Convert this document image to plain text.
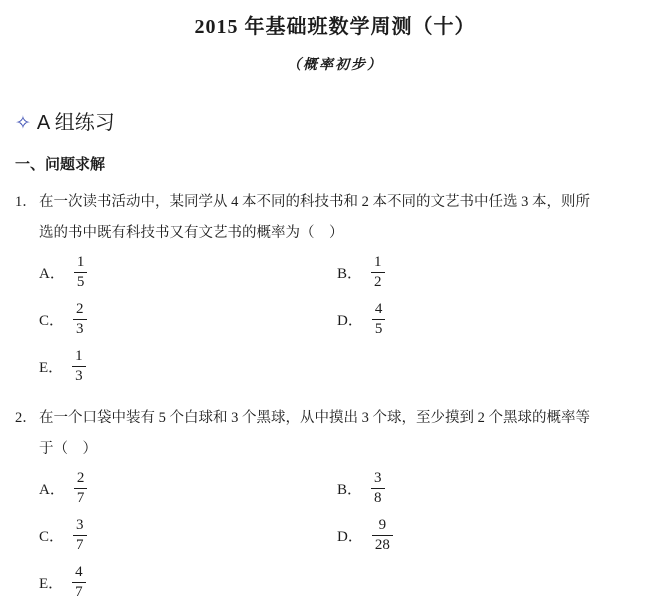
2015 年基础班数学周测（十）
（概率初步）
✧ A 组练习
一、问题求解
1． 在一次读书活动中，某同学从 4 本不同的科技书和 2 本不同的文艺书中任选 3 本，则所
选的书中既有科技书又有文艺书的概率为（　）
A． $\frac{1}{5}$	B． $\frac{1}{2}$
C． $\frac{2}{3}$	D． $\frac{4}{5}$
E． $\frac{1}{3}$
2． 在一个口袋中装有 5 个白球和 3 个黑球，从中摸出 3 个球，至少摸到 2 个黑球的概率等
于（　）
A． $\frac{2}{7}$	B． $\frac{3}{8}$
C． $\frac{3}{7}$	D． $\frac{9}{28}$
E． $\frac{4}{7}$
